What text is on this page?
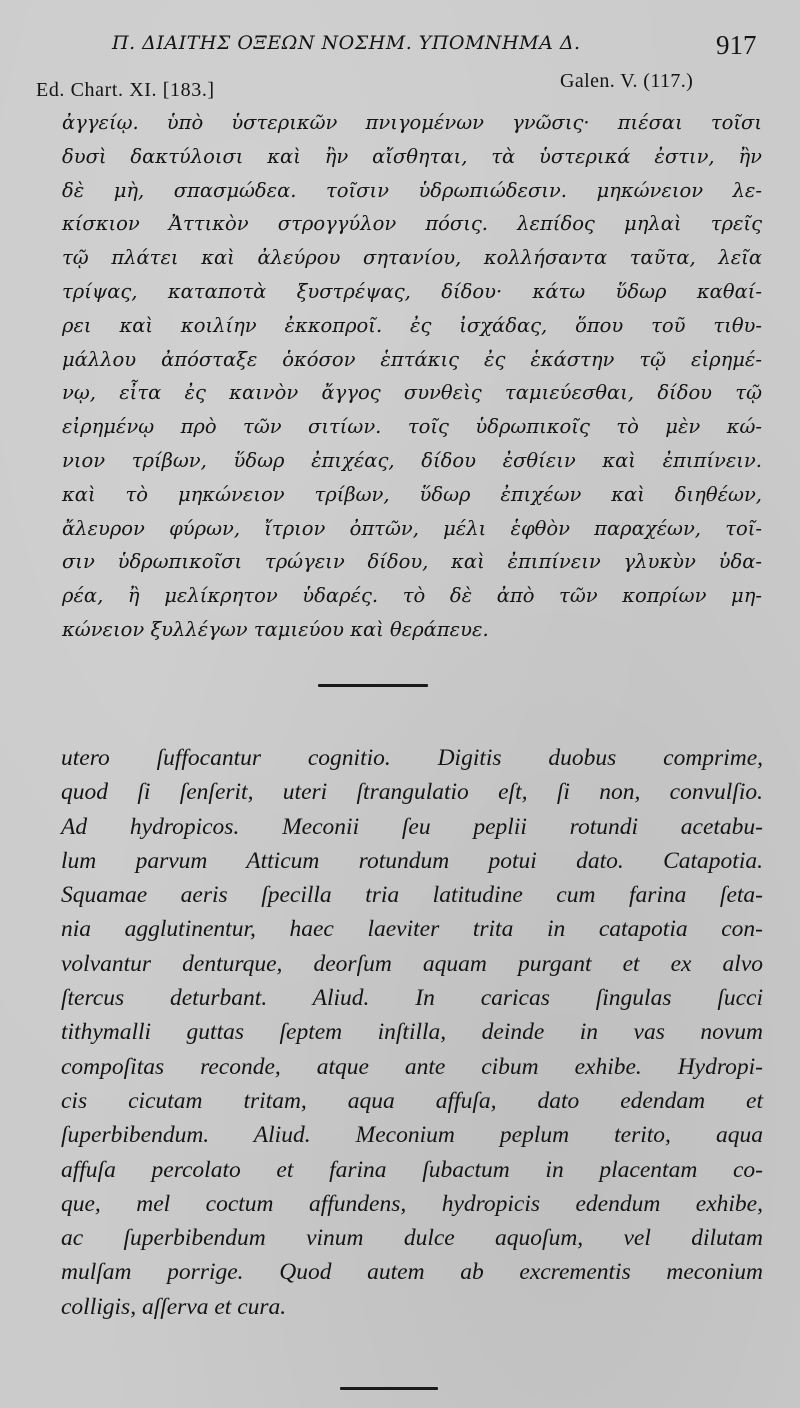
Π. ΔΙΑΙΤΗΣ ΟΞΕΩΝ ΝΟΣΗΜ. ΥΠΟΜΝΗΜΑ Δ.	917
Ed. Chart. XI. [183.]	Galen. V. (117.)
ἀγγείῳ. ὑπὸ ὑστερικῶν πνιγομένων γνῶσις· πιέσαι τοῖσι
δυσὶ δακτύλοισι καὶ ἢν αἴσθηται, τὰ ὑστερικά ἐστιν, ἢν
δὲ μὴ, σπασμώδεα. τοῖσιν ὑδρωπιώδεσιν. μηκώνειον λε-
κίσκιον Ἀττικὸν στρογγύλον πόσις. λεπίδος μηλαὶ τρεῖς
τῷ πλάτει καὶ ἀλεύρου σητανίου, κολλήσαντα ταῦτα, λεῖα
τρίψας, καταποτὰ ξυστρέψας, δίδου· κάτω ὕδωρ καθαί-
ρει καὶ κοιλίην ἐκκοπροῖ. ἐς ἰσχάδας, ὅπου τοῦ τιθυ-
μάλλου ἀπόσταξε ὁκόσον ἑπτάκις ἐς ἑκάστην τῷ εἰρημέ-
νῳ, εἶτα ἐς καινὸν ἄγγος συνθεὶς ταμιεύεσθαι, δίδου τῷ
εἰρημένῳ πρὸ τῶν σιτίων. τοῖς ὑδρωπικοῖς τὸ μὲν κώ-
νιον τρίβων, ὕδωρ ἐπιχέας, δίδου ἐσθίειν καὶ ἐπιπίνειν.
καὶ τὸ μηκώνειον τρίβων, ὕδωρ ἐπιχέων καὶ διηθέων,
ἄλευρον φύρων, ἴτριον ὀπτῶν, μέλι ἑφθὸν παραχέων, τοῖ-
σιν ὑδρωπικοῖσι τρώγειν δίδου, καὶ ἐπιπίνειν γλυκὺν ὑδα-
ρέα, ἢ μελίκρητον ὑδαρές. τὸ δὲ ἀπὸ τῶν κοπρίων μη-
κώνειον ξυλλέγων ταμιεύου καὶ θεράπευε.
utero ſuffocantur cognitio. Digitis duobus comprime,
quod ſi ſenſerit, uteri ſtrangulatio eſt, ſi non, convulſio.
Ad hydropicos. Meconii ſeu peplii rotundi acetabu-
lum parvum Atticum rotundum potui dato. Catapotia.
Squamae aeris ſpecilla tria latitudine cum farina ſeta-
nia agglutinentur, haec laeviter trita in catapotia con-
volvantur denturque, deorſum aquam purgant et ex alvo
ſtercus deturbant. Aliud. In caricas ſingulas ſucci
tithymalli guttas ſeptem inſtilla, deinde in vas novum
compoſitas reconde, atque ante cibum exhibe. Hydropi-
cis cicutam tritam, aqua affuſa, dato edendam et
ſuperbibendum. Aliud. Meconium peplum terito, aqua
affuſa percolato et farina ſubactum in placentam co-
que, mel coctum affundens, hydropicis edendum exhibe,
ac ſuperbibendum vinum dulce aquoſum, vel dilutam
mulſam porrige. Quod autem ab excrementis meconium
colligis, aſſerva et cura.
